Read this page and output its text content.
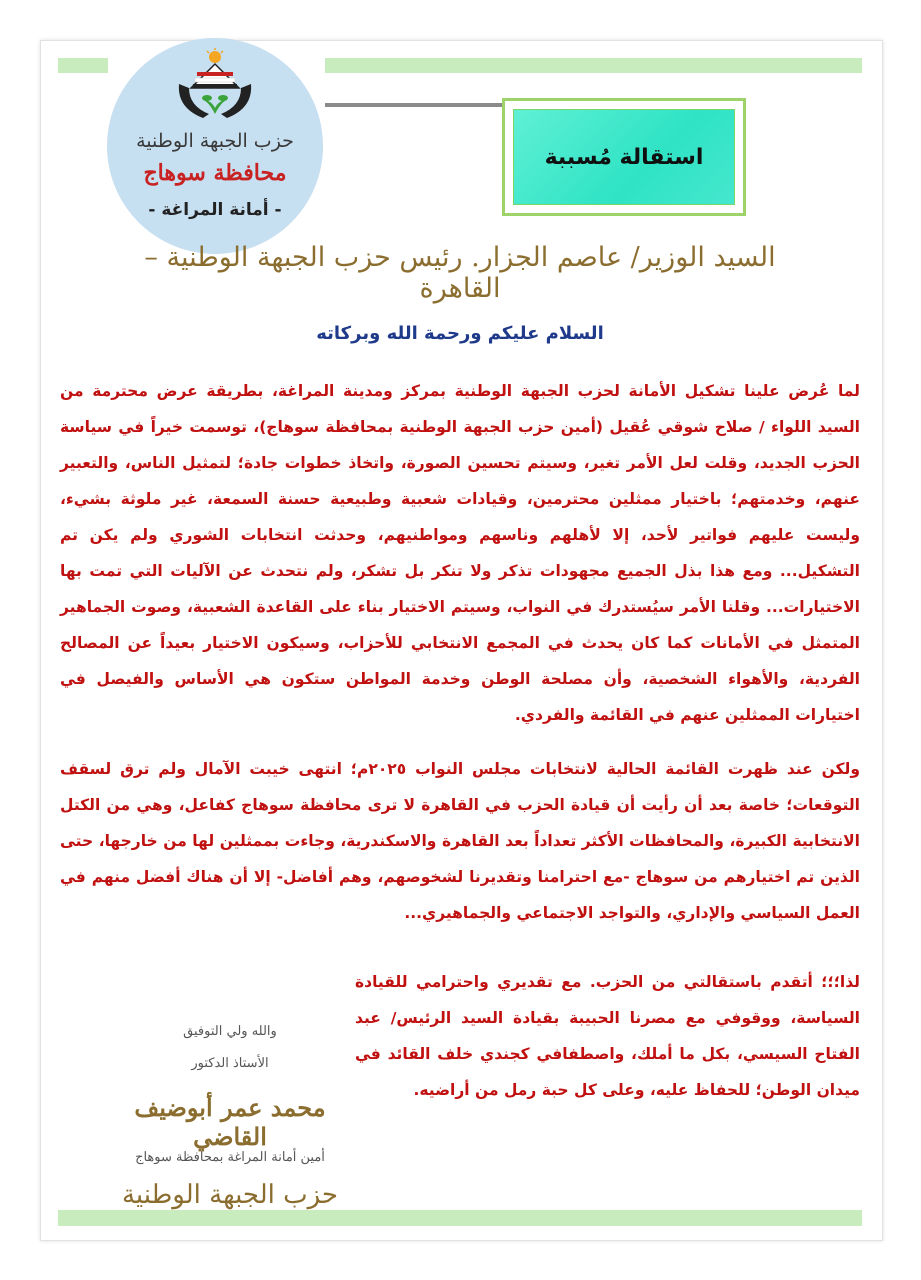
حزب الجبهة الوطنية
محافظة سوهاج
- أمانة المراغة -
استقالة مُسببة
السيد الوزير/ عاصم الجزار. رئيس حزب الجبهة الوطنية – القاهرة
السلام عليكم ورحمة الله وبركاته
لما عُرض علينا تشكيل الأمانة لحزب الجبهة الوطنية بمركز ومدينة المراغة، بطريقة عرض محترمة من السيد اللواء / صلاح شوقي عُقيل (أمين حزب الجبهة الوطنية بمحافظة سوهاج)، توسمت خيراً في سياسة الحزب الجديد، وقلت لعل الأمر تغير، وسيتم تحسين الصورة، واتخاذ خطوات جادة؛ لتمثيل الناس، والتعبير عنهم، وخدمتهم؛ باختيار ممثلين محترمين، وقيادات شعبية وطبيعية حسنة السمعة، غير ملوثة بشيء، وليست عليهم فواتير لأحد، إلا لأهلهم وناسهم ومواطنيهم، وحدثت انتخابات الشوري ولم يكن تم التشكيل... ومع هذا بذل الجميع مجهودات تذكر ولا تنكر بل تشكر، ولم نتحدث عن الآليات التي تمت بها الاختيارات... وقلنا الأمر سيُستدرك في النواب، وسيتم الاختيار بناء على القاعدة الشعبية، وصوت الجماهير المتمثل في الأمانات كما كان يحدث في المجمع الانتخابي للأحزاب، وسيكون الاختيار بعيداً عن المصالح الفردية، والأهواء الشخصية، وأن مصلحة الوطن وخدمة المواطن ستكون هي الأساس والفيصل في اختيارات الممثلين عنهم في القائمة والفردي.
ولكن عند ظهرت القائمة الحالية لانتخابات مجلس النواب ٢٠٢٥م؛ انتهى خيبت الآمال ولم ترق لسقف التوقعات؛ خاصة بعد أن رأيت أن قيادة الحزب في القاهرة لا ترى محافظة سوهاج كفاعل، وهي من الكتل الانتخابية الكبيرة، والمحافظات الأكثر تعداداً بعد القاهرة والاسكندرية، وجاءت بممثلين لها من خارجها، حتى الذين تم اختيارهم من سوهاج -مع احترامنا وتقديرنا لشخوصهم، وهم أفاضل- إلا أن هناك أفضل منهم في العمل السياسي والإداري، والتواجد الاجتماعي والجماهيري...
لذا؛؛؛ أتقدم باستقالتي من الحزب. مع تقديري واحترامي للقيادة السياسة، ووقوفي مع مصرنا الحبيبة بقيادة السيد الرئيس/ عبد الفتاح السيسي، بكل ما أملك، واصطفافي كجندي خلف القائد في ميدان الوطن؛ للحفاظ عليه، وعلى كل حبة رمل من أراضيه.
والله ولي التوفيق
الأستاذ الدكتور
محمد عمر أبوضيف القاضي
أمين أمانة المراغة بمحافظة سوهاج
حزب الجبهة الوطنية
